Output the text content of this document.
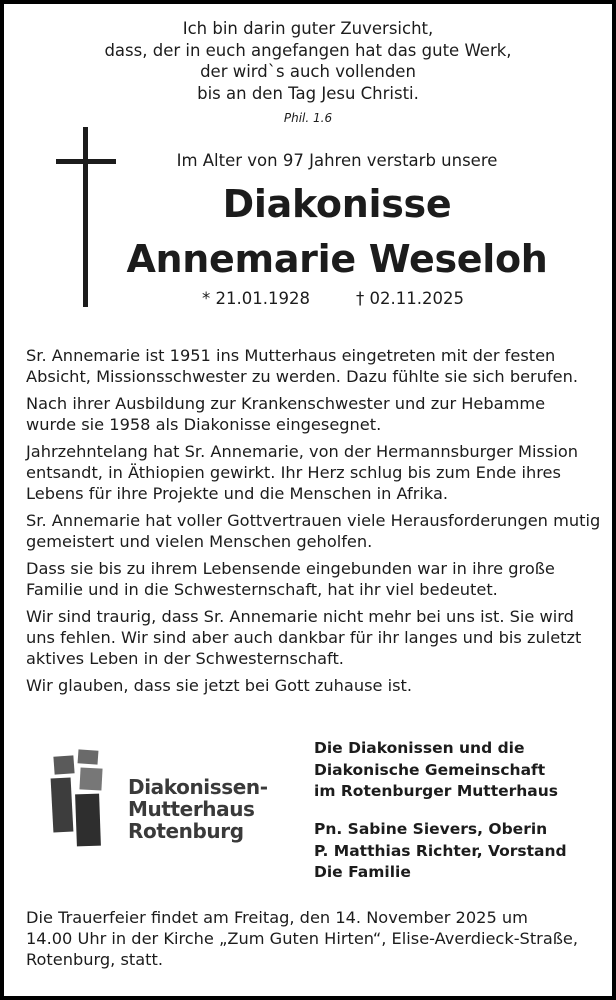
Ich bin darin guter Zuversicht,
dass, der in euch angefangen hat das gute Werk,
der wird`s auch vollenden
bis an den Tag Jesu Christi.
Phil. 1.6
Im Alter von 97 Jahren verstarb unsere
Diakonisse
Annemarie Weseloh
* 21.01.1928	† 02.11.2025

Sr. Annemarie ist 1951 ins Mutterhaus eingetreten mit der festen
Absicht, Missionsschwester zu werden. Dazu fühlte sie sich berufen.

Nach ihrer Ausbildung zur Krankenschwester und zur Hebamme
wurde sie 1958 als Diakonisse eingesegnet.

Jahrzehntelang hat Sr. Annemarie, von der Hermannsburger Mission
entsandt, in Äthiopien gewirkt. Ihr Herz schlug bis zum Ende ihres
Lebens für ihre Projekte und die Menschen in Afrika.

Sr. Annemarie hat voller Gottvertrauen viele Herausforderungen mutig
gemeistert und vielen Menschen geholfen.

Dass sie bis zu ihrem Lebensende eingebunden war in ihre große
Familie und in die Schwesternschaft, hat ihr viel bedeutet.

Wir sind traurig, dass Sr. Annemarie nicht mehr bei uns ist. Sie wird
uns fehlen. Wir sind aber auch dankbar für ihr langes und bis zuletzt
aktives Leben in der Schwesternschaft.

Wir glauben, dass sie jetzt bei Gott zuhause ist.

Diakonissen-
Mutterhaus
Rotenburg
Die Diakonissen und die
Diakonische Gemeinschaft
im Rotenburger Mutterhaus
Pn. Sabine Sievers, Oberin
P. Matthias Richter, Vorstand
Die Familie
Die Trauerfeier findet am Freitag, den 14. November 2025 um
14.00 Uhr in der Kirche „Zum Guten Hirten“, Elise-Averdieck-Straße,
Rotenburg, statt.
